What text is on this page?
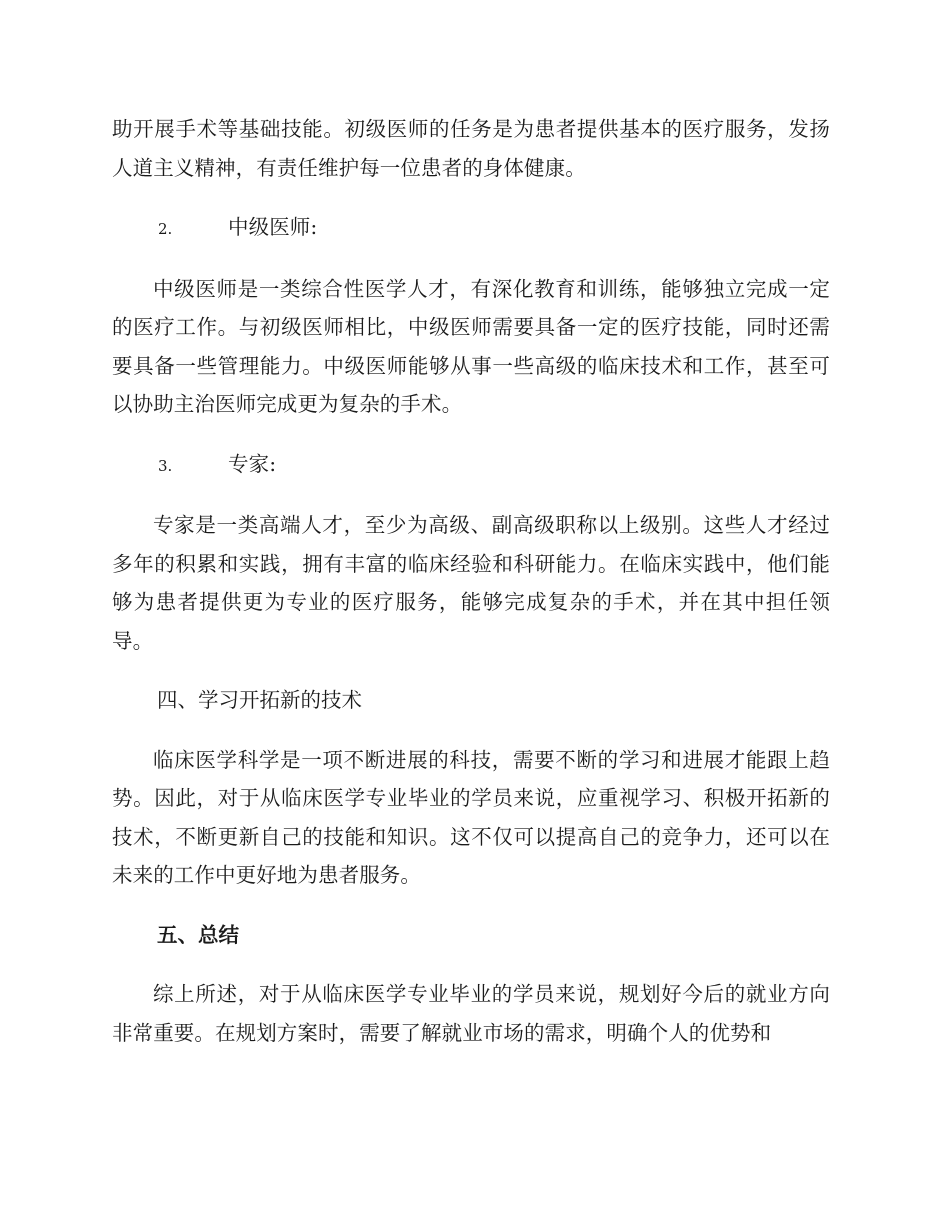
助开展手术等基础技能。初级医师的任务是为患者提供基本的医疗服务，发扬人道主义精神，有责任维护每一位患者的身体健康。

2.	中级医师:

中级医师是一类综合性医学人才，有深化教育和训练，能够独立完成一定的医疗工作。与初级医师相比，中级医师需要具备一定的医疗技能，同时还需要具备一些管理能力。中级医师能够从事一些高级的临床技术和工作，甚至可以协助主治医师完成更为复杂的手术。

3.	专家:

专家是一类高端人才，至少为高级、副高级职称以上级别。这些人才经过多年的积累和实践，拥有丰富的临床经验和科研能力。在临床实践中，他们能够为患者提供更为专业的医疗服务，能够完成复杂的手术，并在其中担任领导。

四、学习开拓新的技术

临床医学科学是一项不断进展的科技，需要不断的学习和进展才能跟上趋势。因此，对于从临床医学专业毕业的学员来说，应重视学习、积极开拓新的技术，不断更新自己的技能和知识。这不仅可以提高自己的竞争力，还可以在未来的工作中更好地为患者服务。

五、总结

综上所述，对于从临床医学专业毕业的学员来说，规划好今后的就业方向非常重要。在规划方案时，需要了解就业市场的需求，明确个人的优势和
